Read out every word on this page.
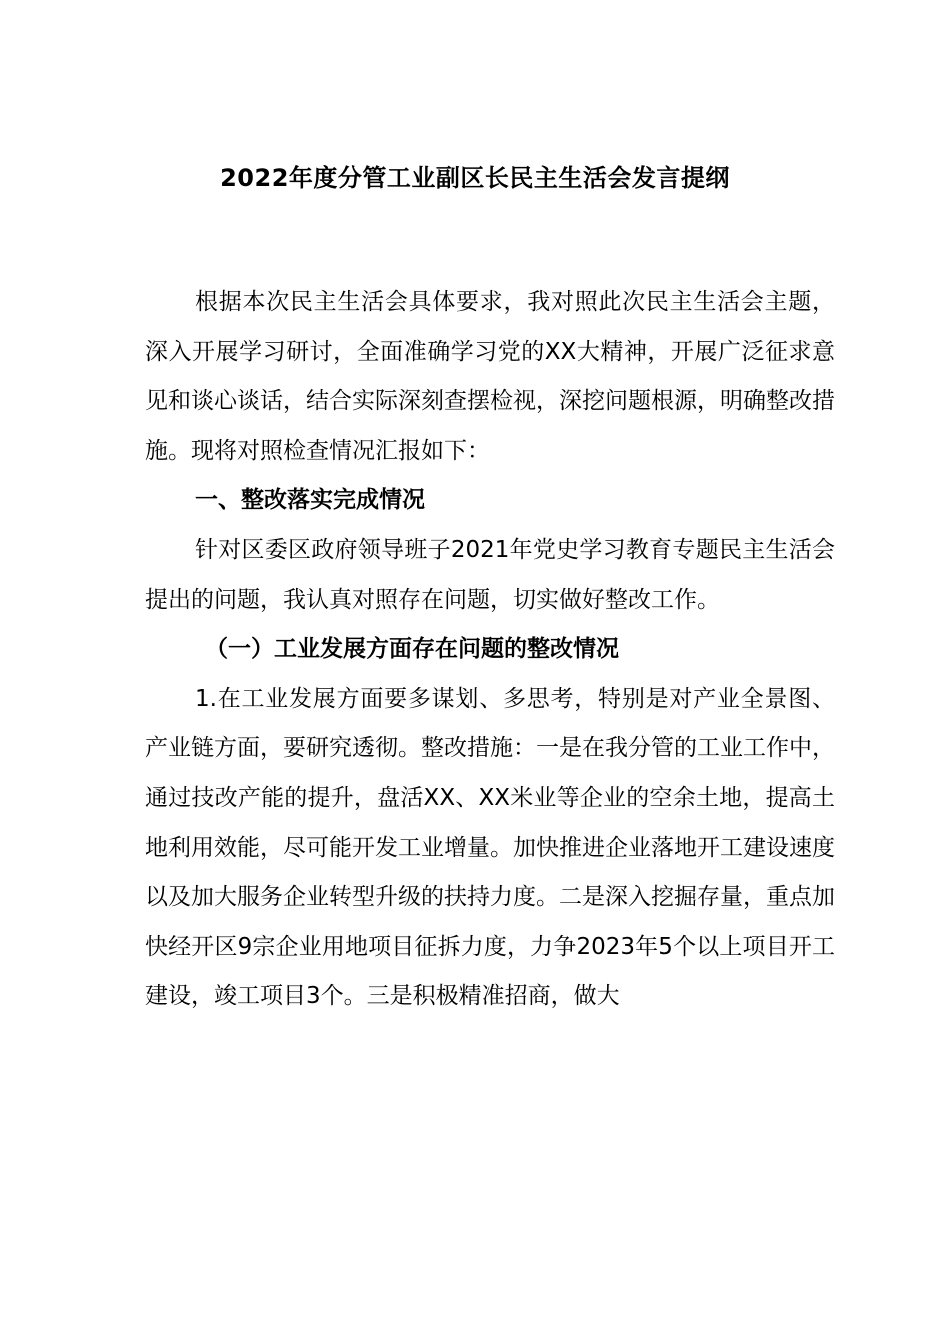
2022年度分管工业副区长民主生活会发言提纲

根据本次民主生活会具体要求，我对照此次民主生活会主题，深入开展学习研讨，全面准确学习党的XX大精神，开展广泛征求意见和谈心谈话，结合实际深刻查摆检视，深挖问题根源，明确整改措施。现将对照检查情况汇报如下：

一、整改落实完成情况

针对区委区政府领导班子2021年党史学习教育专题民主生活会提出的问题，我认真对照存在问题，切实做好整改工作。

（一）工业发展方面存在问题的整改情况

1.在工业发展方面要多谋划、多思考，特别是对产业全景图、产业链方面，要研究透彻。整改措施：一是在我分管的工业工作中，通过技改产能的提升，盘活XX、XX米业等企业的空余土地，提高土地利用效能，尽可能开发工业增量。加快推进企业落地开工建设速度以及加大服务企业转型升级的扶持力度。二是深入挖掘存量，重点加快经开区9宗企业用地项目征拆力度，力争2023年5个以上项目开工建设，竣工项目3个。三是积极精准招商，做大
